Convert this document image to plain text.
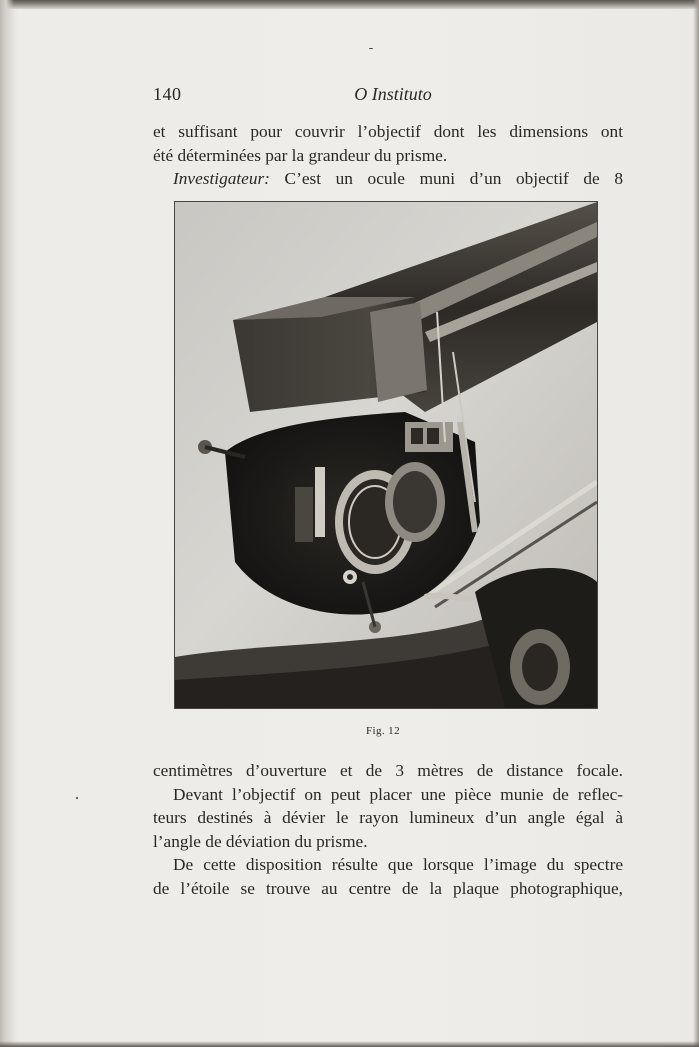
140	O Instituto
et suffisant pour couvrir l’objectif dont les dimensions ont
été déterminées par la grandeur du prisme.
Investigateur: C’est un ocule muni d’un objectif de 8
Fig. 12
centimètres d’ouverture et de 3 mètres de distance focale.
Devant l’objectif on peut placer une pièce munie de reflec-
teurs destinés à dévier le rayon lumineux d’un angle égal à
l’angle de déviation du prisme.
De cette disposition résulte que lorsque l’image du spectre
de l’étoile se trouve au centre de la plaque photographique,
